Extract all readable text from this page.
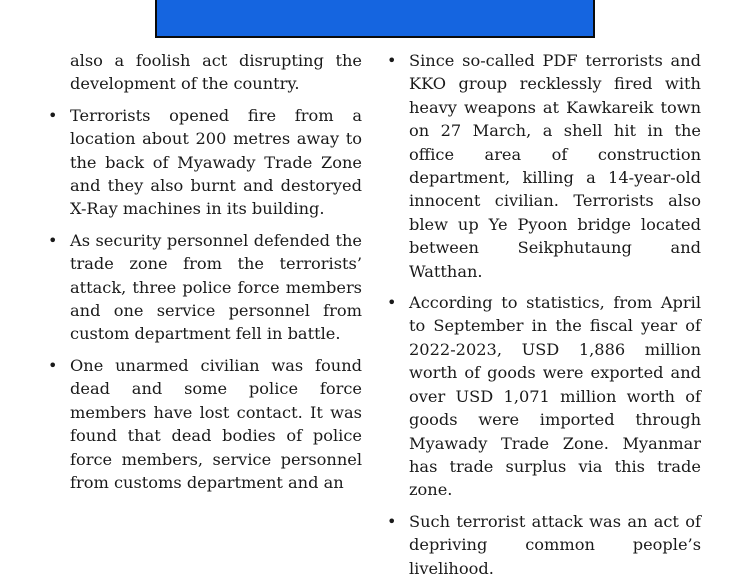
also a foolish act disrupting the development of the country.
• Terrorists opened fire from a location about 200 metres away to the back of Myawady Trade Zone and they also burnt and destoryed X-Ray machines in its building.
• As security personnel defended the trade zone from the terrorists’ attack, three police force members and one service personnel from custom department fell in battle.
• One unarmed civilian was found dead and some police force members have lost contact. It was found that dead bodies of police force members, service personnel from customs department and an
• Since so-called PDF terrorists and KKO group recklessly fired with heavy weapons at Kawkareik town on 27 March, a shell hit in the office area of construction department, killing a 14-year-old innocent civilian. Terrorists also blew up Ye Pyoon bridge located between Seikphutaung and Watthan.
• According to statistics, from April to September in the fiscal year of 2022-2023, USD 1,886 million worth of goods were exported and over USD 1,071 million worth of goods were imported through Myawady Trade Zone. Myanmar has trade surplus via this trade zone.
• Such terrorist attack was an act of depriving common people’s livelihood.
